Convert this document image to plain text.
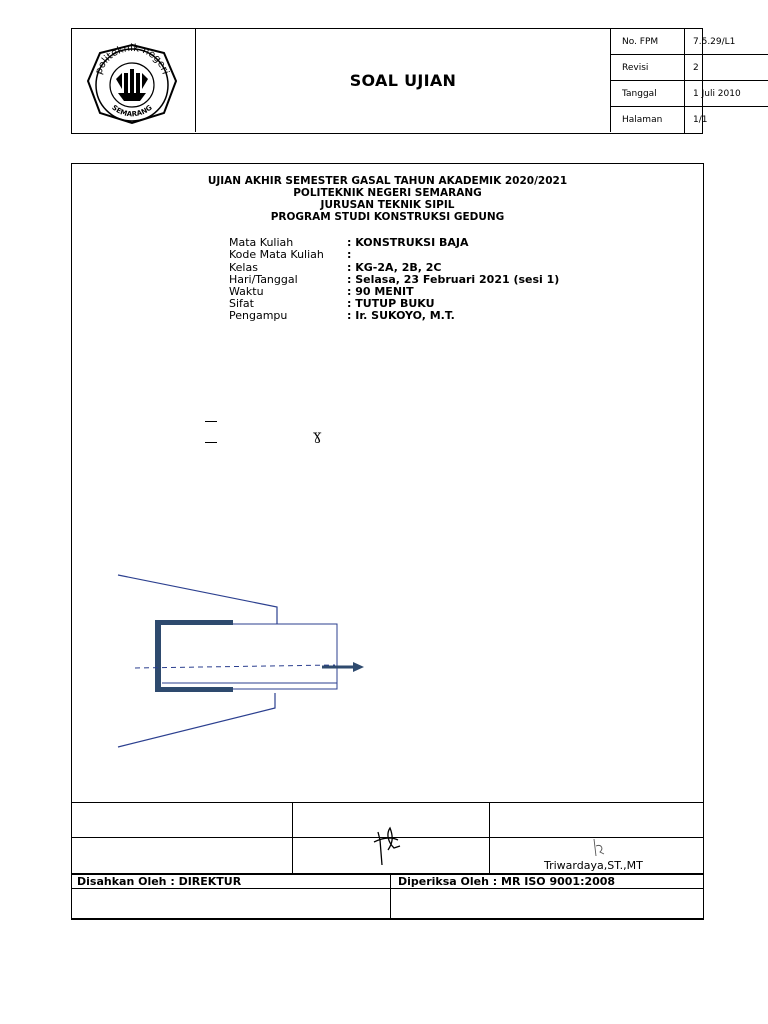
politeknik negeri
SEMARANG
SOAL UJIAN
No. FPM	7.5.29/L1
Revisi	2
Tanggal	1 Juli 2010
Halaman	1/1
UJIAN AKHIR SEMESTER GASAL TAHUN AKADEMIK 2020/2021
POLITEKNIK NEGERI SEMARANG
JURUSAN TEKNIK SIPIL
PROGRAM STUDI KONSTRUKSI GEDUNG
Mata Kuliah	: KONSTRUKSI BAJA
Kode Mata Kuliah :
Kelas	: KG-2A, 2B, 2C
Hari/Tanggal	: Selasa, 23 Februari 2021 (sesi 1)
Waktu	: 90 MENIT
Sifat	: TUTUP BUKU
Pengampu	: Ir. SUKOYO, M.T.
ɣ
Triwardaya,ST.,MT
Disahkan Oleh : DIREKTUR	Diperiksa Oleh : MR ISO 9001:2008
